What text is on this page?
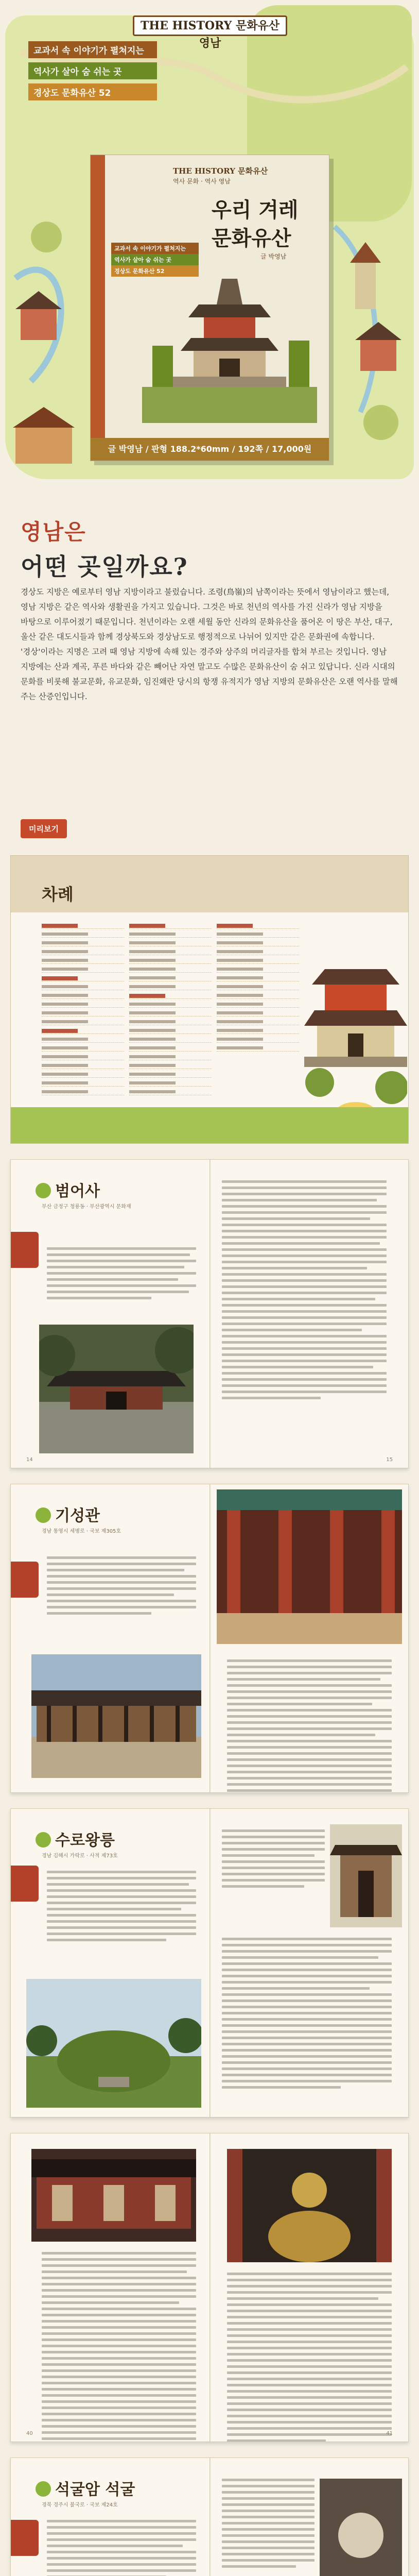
THE HISTORY 문화유산 영남
교과서 속 이야기가 펼쳐지는
역사가 살아 숨 쉬는 곳
경상도 문화유산 52
THE HISTORY 문화유산
역사 문화 · 역사 영남
우리 겨레
문화유산
글 박영남
교과서 속 이야기가 펼쳐지는
역사가 살아 숨 쉬는 곳
경상도 문화유산 52
글 박영남 / 판형 188.2*60mm / 192쪽 / 17,000원
영남은
어떤 곳일까요?

경상도 지방은 예로부터 영남 지방이라고 불렀습니다. 조령(鳥嶺)의 남쪽이라는 뜻에서 영남이라고 했는데, 영남 지방은 같은 역사와 생활권을 가지고 있습니다. 그것은 바로 천년의 역사를 가진 신라가 영남 지방을 바탕으로 이루어졌기 때문입니다. 천년이라는 오랜 세월 동안 신라의 문화유산을 품어온 이 땅은 부산, 대구, 울산 같은 대도시들과 함께 경상북도와 경상남도로 행정적으로 나뉘어 있지만 같은 문화권에 속합니다. '경상'이라는 지명은 고려 때 영남 지방에 속해 있는 경주와 상주의 머리글자를 합쳐 부르는 것입니다. 영남 지방에는 산과 계곡, 푸른 바다와 같은 빼어난 자연 말고도 수많은 문화유산이 숨 쉬고 있답니다. 신라 시대의 문화를 비롯해 불교문화, 유교문화, 임진왜란 당시의 항쟁 유적지가 영남 지방의 문화유산은 오랜 역사를 말해 주는 산증인입니다.

미리보기
차례
범어사
부산 금정구 청룡동 · 부산광역시 문화재
14	15
기성관
경남 통영시 세병로 · 국보 제305호
수로왕릉
경남 김해시 가락로 · 사적 제73호
40	41
석굴암 석굴
경북 경주시 불국로 · 국보 제24호
